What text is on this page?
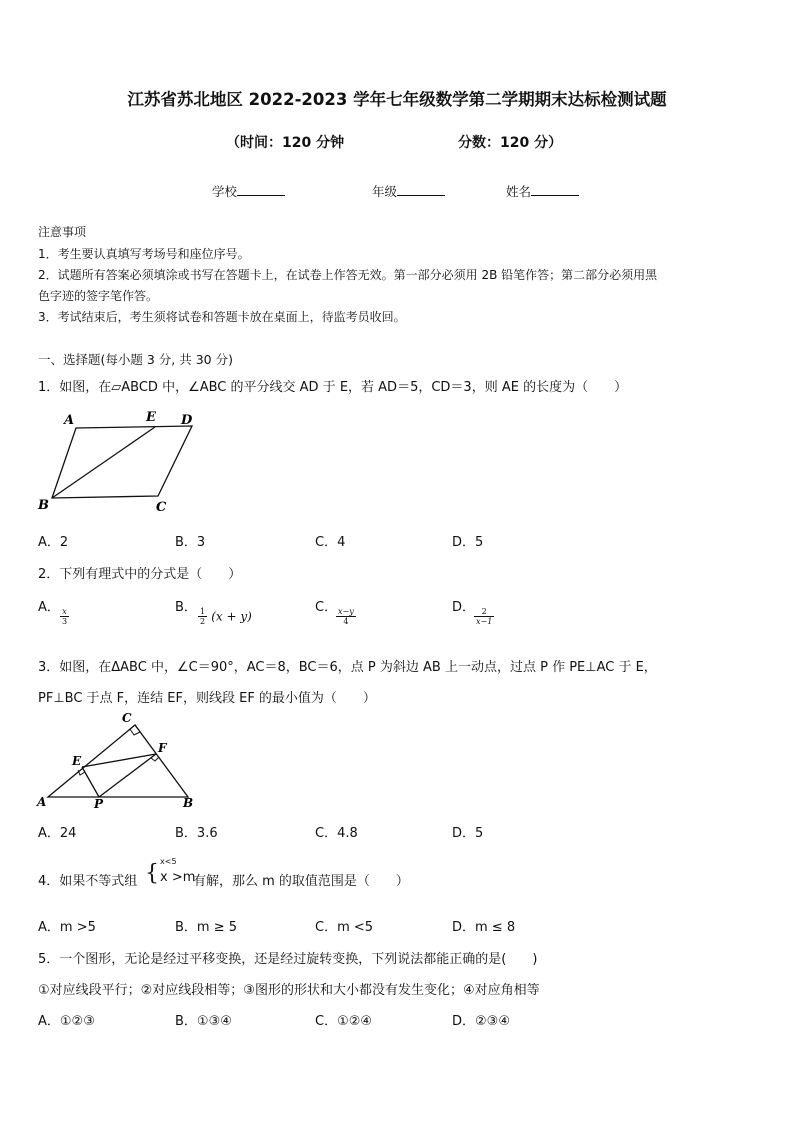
江苏省苏北地区 2022-2023 学年七年级数学第二学期期末达标检测试题
（时间：120 分钟	分数：120 分）
学校	年级	姓名
注意事项
1．考生要认真填写考场号和座位序号。
2．试题所有答案必须填涂或书写在答题卡上，在试卷上作答无效。第一部分必须用 2B 铅笔作答；第二部分必须用黑
色字迹的签字笔作答。
3．考试结束后，考生须将试卷和答题卡放在桌面上，待监考员收回。
一、选择题(每小题 3 分, 共 30 分)
1．如图，在▱ABCD 中，∠ABC 的平分线交 AD 于 E，若 AD＝5，CD＝3，则 AE 的长度为（　　）
A	E D
B	C
A．2	B．3	C．4	D．5
2．下列有理式中的分式是（　　）
A． $\frac{x}{3}$	B． $\frac{1}{2} (x + y)$
C．
$\frac{x-y}{4}$	D．
$\frac{2}{x-1}$
3．如图，在ΔABC 中，∠C＝90°，AC＝8，BC＝6，点 P 为斜边 AB 上一动点，过点 P 作 PE⊥AC 于 E，
PF⊥BC 于点 F，连结 EF，则线段 EF 的最小值为（　　）
C
F
E
A	P	B
A．24	B．3.6	C．4.8	D．5
4．如果不等式组 { x<5
x >m
有解，那么 m 的取值范围是（　　）
A．m >5	B．m ≥ 5	C．m <5	D．m ≤ 8
5．一个图形，无论是经过平移变换，还是经过旋转变换，下列说法都能正确的是(　　)
①对应线段平行；②对应线段相等；③图形的形状和大小都没有发生变化；④对应角相等
A．①②③	B．①③④	C．①②④	D．②③④
